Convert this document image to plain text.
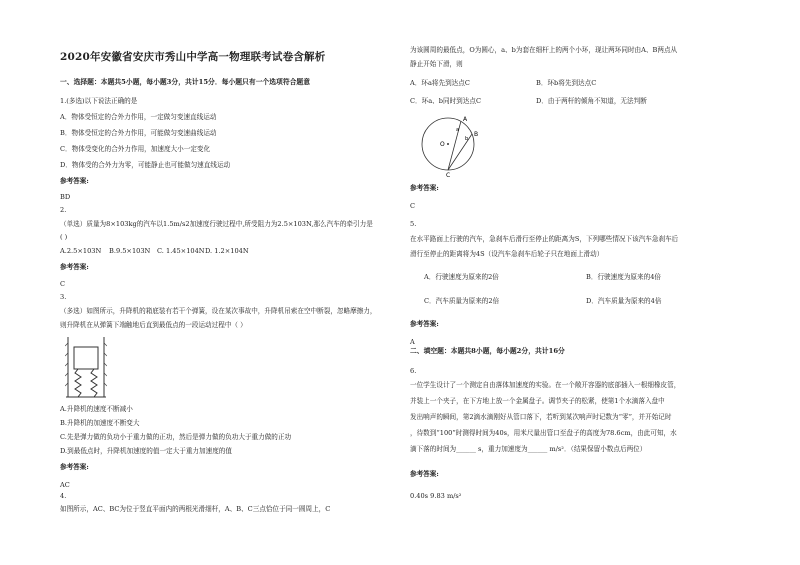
2020年安徽省安庆市秀山中学高一物理联考试卷含解析
一、选择题：本题共5小题，每小题3分，共计15分．每小题只有一个选项符合题意
1.(多选)以下说法正确的是
A．物体受恒定的合外力作用，一定做匀变速直线运动
B．物体受恒定的合外力作用，可能做匀变速曲线运动
C．物体受变化的合外力作用，加速度大小一定变化
D．物体受的合外力为零，可能静止也可能做匀速直线运动
参考答案:
BD
2.
（单选）质量为8×103kg的汽车以1.5m/s2加速度行驶过程中,所受阻力为2.5×103N,那么汽车的牵引力是
( )
A.2.5×103N B.9.5×103N C. 1.45×104N D. 1.2×104N
参考答案:
C
3.
（多选）如图所示，升降机的箱底装有若干个弹簧，设在某次事故中，升降机吊索在空中断裂，忽略摩擦力，
则升降机在从弹簧下端触地后直到最低点的一段运动过程中（ ）
A.升降机的速度不断减小
B.升降机的加速度不断变大
C.先是弹力做的负功小于重力做的正功，然后是弹力做的负功大于重力做的正功
D.到最低点时，升降机加速度的值一定大于重力加速度的值
参考答案:
AC
4.
如图所示，AC、BC为位于竖直平面内的两根光滑细杆，A、B、C三点恰位于同一圆周上，C
为该圆周的最低点，O为圆心，a、b为套在细杆上的两个小环，现让两环同时由A、B两点从
静止开始下滑，则
A．环a将先到达点C	B．环b将先到达点C
C．环a、b同时到达点C	D．由于两杆的倾角不知道，无法判断
O
A
B
C
a
b
参考答案:
C
5.
在水平路面上行驶的汽车，急刹车后滑行至停止的距离为S，下列哪些情况下该汽车急刹车后
滑行至停止的距离将为4S（设汽车急刹车后轮子只在地面上滑动）
A．行驶速度为原来的2倍	B．行驶速度为原来的4倍
C．汽车质量为原来的2倍	D．汽车质量为原来的4倍
参考答案:
A
二、填空题：本题共8小题，每小题2分，共计16分
6.
一位学生设计了一个测定自由落体加速度的实验。在一个敞开容器的底部插入一根细橡皮管，
并装上一个夹子，在下方地上放一个金属盘子。调节夹子的松紧，使第1个水滴落入盘中
发出响声的瞬间，第2滴水滴刚好从管口落下，若听到某次响声时记数为“零”，并开始记时
，待数到“100”时测得时间为40s，用米尺量出管口至盘子的高度为78.6cm，由此可知，水
滴下落的时间为______ s，重力加速度为______ m/s²．（结果保留小数点后两位）
参考答案:
0.40s 9.83 m/s²
